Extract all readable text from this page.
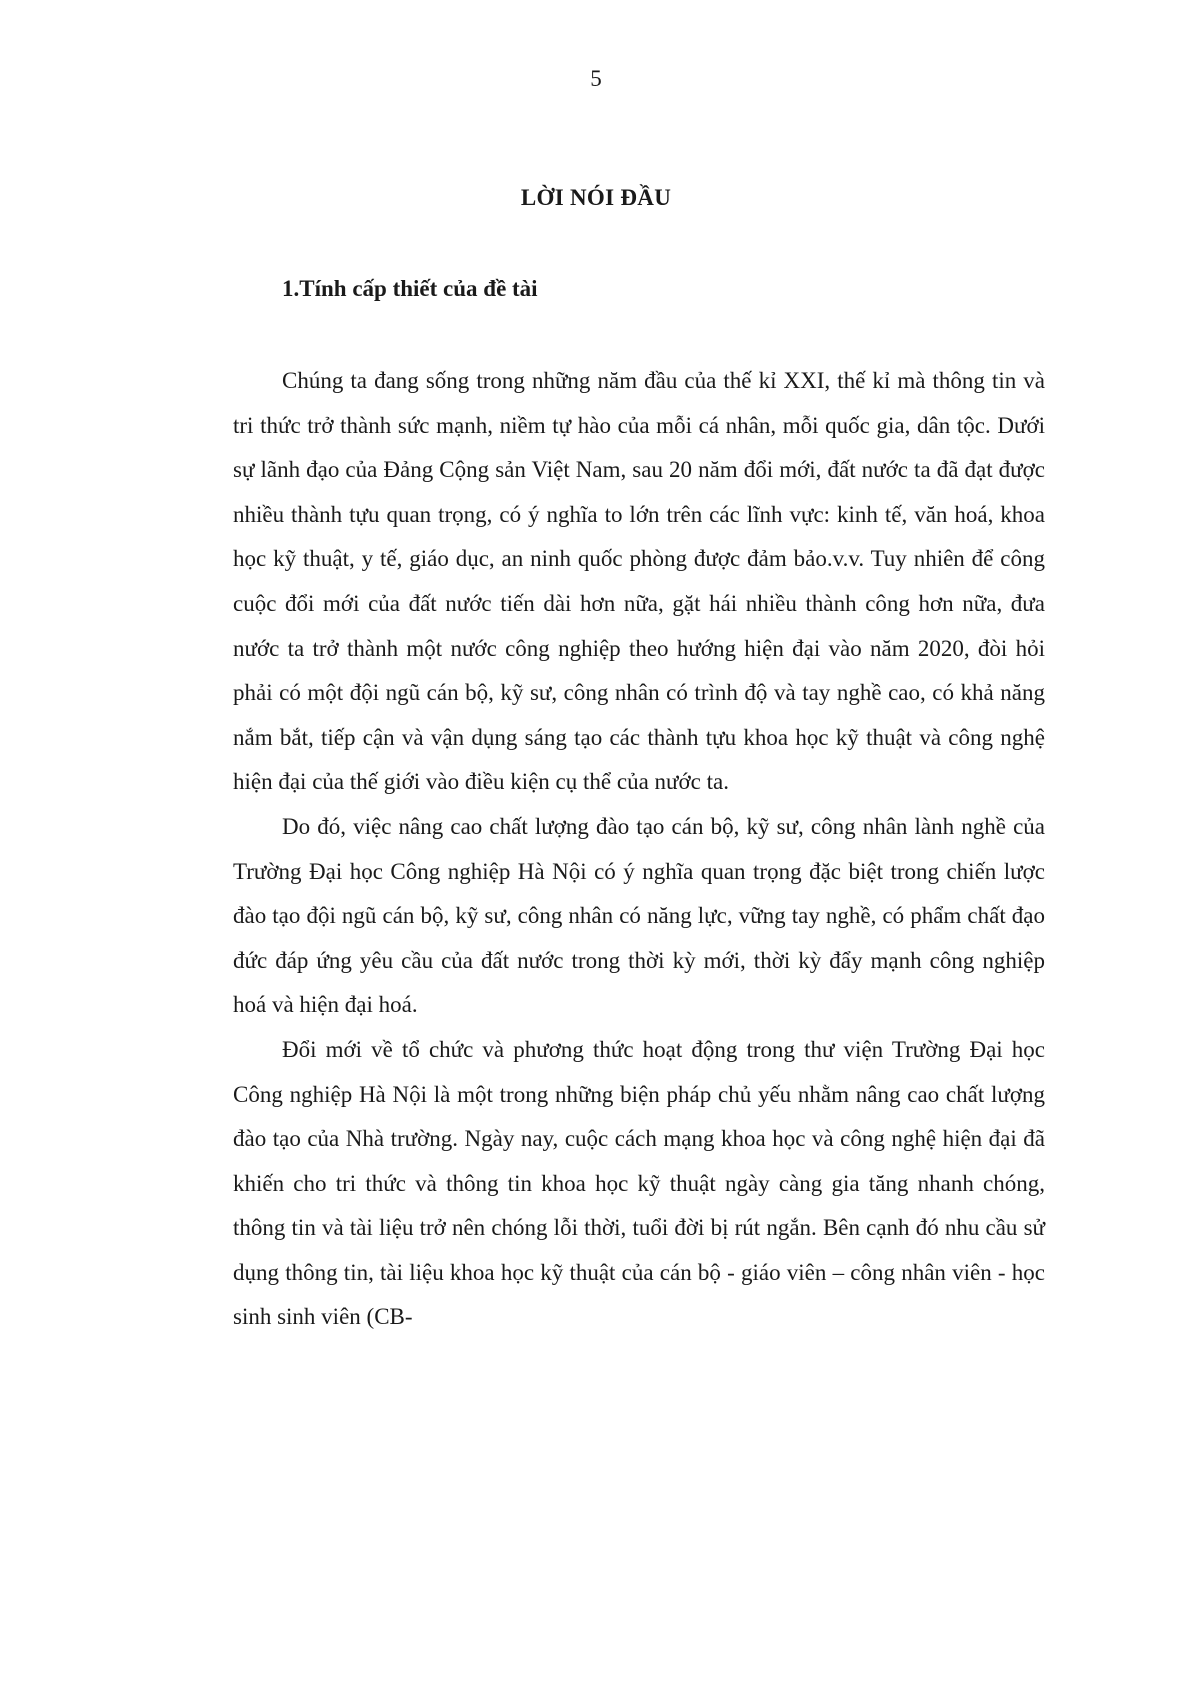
5
LỜI NÓI ĐẦU
1.Tính cấp thiết của đề tài

Chúng ta đang sống trong những năm đầu của thế kỉ XXI, thế kỉ mà thông tin và tri thức trở thành sức mạnh, niềm tự hào của mỗi cá nhân, mỗi quốc gia, dân tộc. Dưới sự lãnh đạo của Đảng Cộng sản Việt Nam, sau 20 năm đổi mới, đất nước ta đã đạt được nhiều thành tựu quan trọng, có ý nghĩa to lớn trên các lĩnh vực: kinh tế, văn hoá, khoa học kỹ thuật, y tế, giáo dục, an ninh quốc phòng được đảm bảo.v.v. Tuy nhiên để công cuộc đổi mới của đất nước tiến dài hơn nữa, gặt hái nhiều thành công hơn nữa, đưa nước ta trở thành một nước công nghiệp theo hướng hiện đại vào năm 2020, đòi hỏi phải có một đội ngũ cán bộ, kỹ sư, công nhân có trình độ và tay nghề cao, có khả năng nắm bắt, tiếp cận và vận dụng sáng tạo các thành tựu khoa học kỹ thuật và công nghệ hiện đại của thế giới vào điều kiện cụ thể của nước ta.

Do đó, việc nâng cao chất lượng đào tạo cán bộ, kỹ sư, công nhân lành nghề của Trường Đại học Công nghiệp Hà Nội có ý nghĩa quan trọng đặc biệt trong chiến lược đào tạo đội ngũ cán bộ, kỹ sư, công nhân có năng lực, vững tay nghề, có phẩm chất đạo đức đáp ứng yêu cầu của đất nước trong thời kỳ mới, thời kỳ đẩy mạnh công nghiệp hoá và hiện đại hoá.

Đổi mới về tổ chức và phương thức hoạt động trong thư viện Trường Đại học Công nghiệp Hà Nội là một trong những biện pháp chủ yếu nhằm nâng cao chất lượng đào tạo của Nhà trường. Ngày nay, cuộc cách mạng khoa học và công nghệ hiện đại đã khiến cho tri thức và thông tin khoa học kỹ thuật ngày càng gia tăng nhanh chóng, thông tin và tài liệu trở nên chóng lỗi thời, tuổi đời bị rút ngắn. Bên cạnh đó nhu cầu sử dụng thông tin, tài liệu khoa học kỹ thuật của cán bộ - giáo viên – công nhân viên - học sinh sinh viên (CB-
